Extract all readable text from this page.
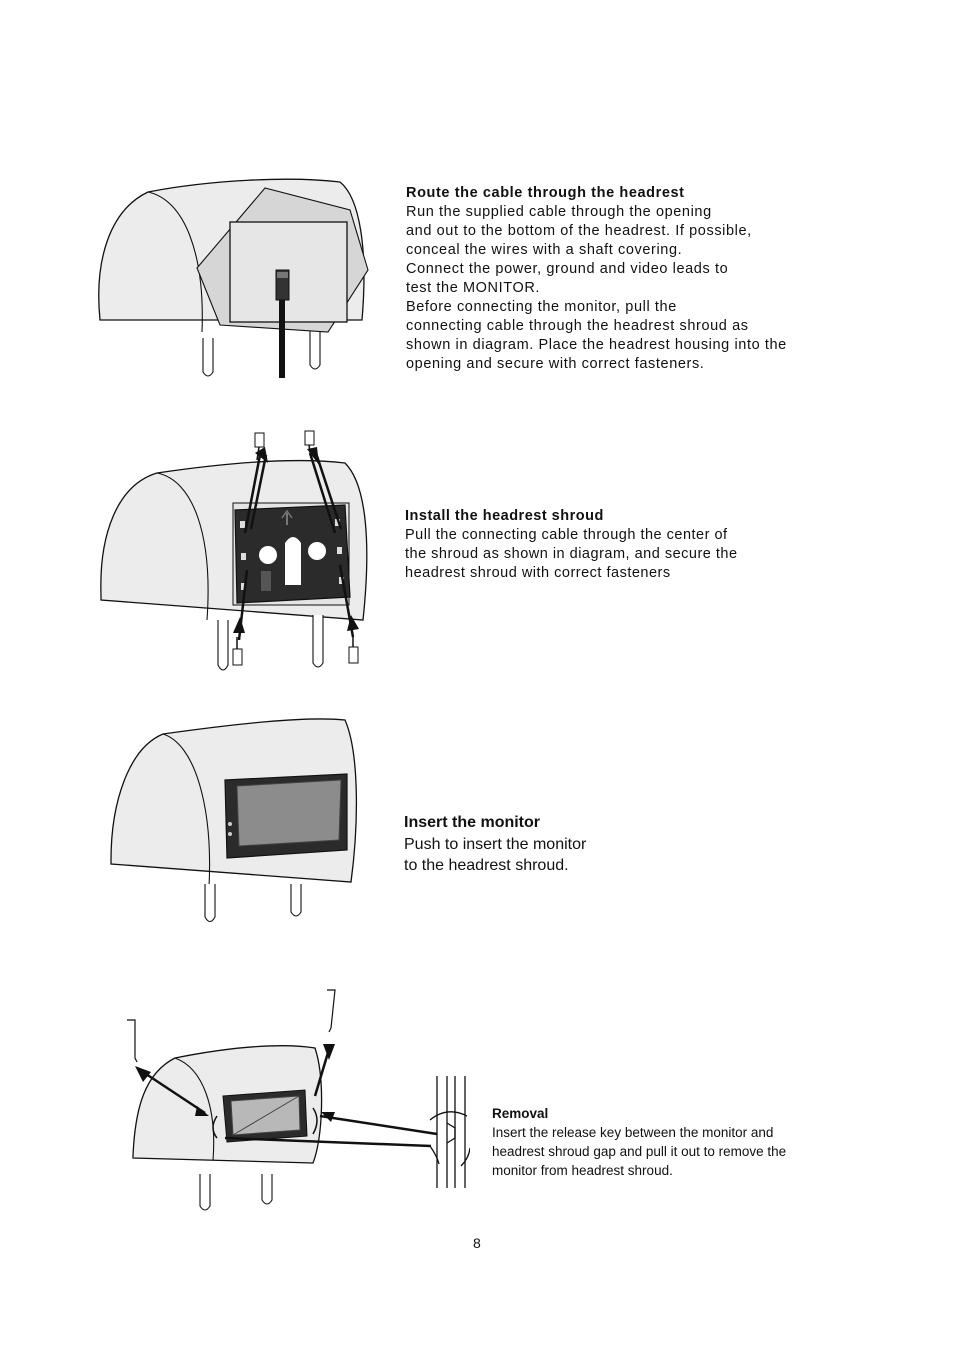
Route the cable through the headrest
Run the supplied cable through the opening
and out to the bottom of the headrest. If possible,
conceal the wires with a shaft covering.
Connect the power, ground and video leads to
test the MONITOR.
Before connecting the monitor, pull the
connecting cable through the headrest shroud as
shown in diagram. Place the headrest housing into the
opening and secure with correct fasteners.
Install the headrest shroud
Pull the connecting cable through the center of
the shroud as shown in diagram, and secure the
headrest shroud with correct fasteners
Insert the monitor
Push to insert the monitor
to the headrest shroud.
Removal
Insert the release key between the monitor and
headrest shroud gap and pull it out to remove the
monitor from headrest shroud.
8
